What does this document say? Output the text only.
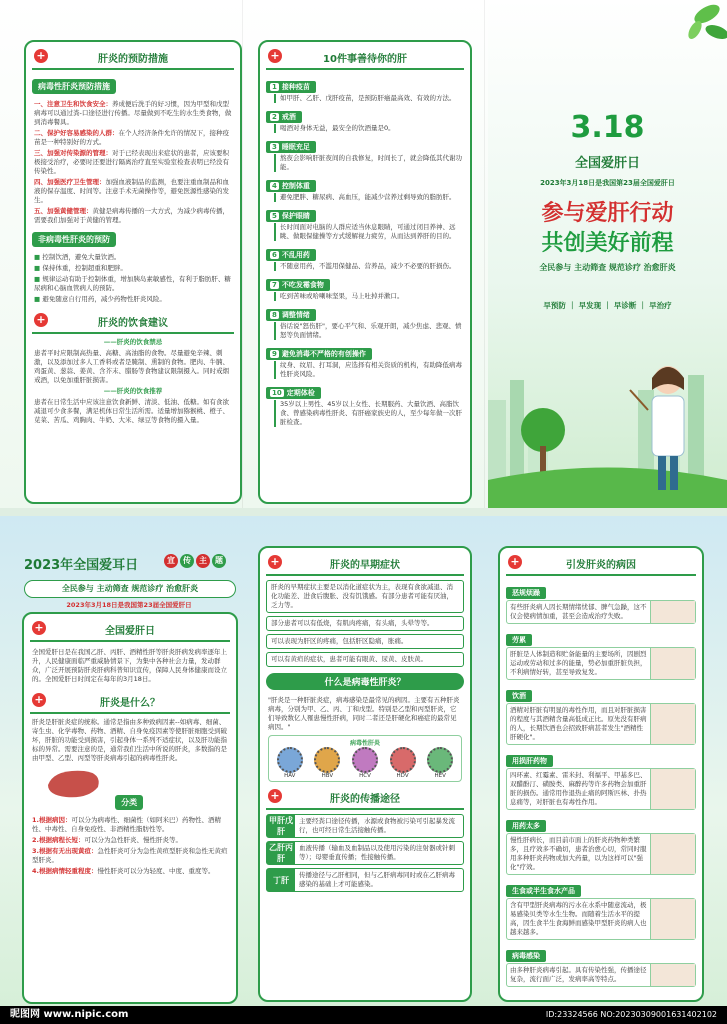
+	肝炎的预防措施
病毒性肝炎预防措施
一、注意卫生和饮食安全：养成便后洗手的好习惯，因为甲型和戊型病毒可以通过粪-口途径进行传播。尽量做到不吃生的水生类食物，做到消毒餐具。
二、保护好容易感染的人群：在个人经济条件允许的情况下，接种疫苗是一种特别好的方式。
三、加强对传染源的管理：对于已经表现出来症状的患者，应该要积极接受治疗，必要时还要进行隔离治疗直至实验室检查表明已经没有传染性。
四、加强医疗卫生管理：加强血液制品的监测，也要注重血制品和血液的保存温度、时间等。注意手术无菌操作等，避免医源性感染的发生。
五、加强黄健管理：黄健是病毒传播的一大方式，为减少病毒传播，需要我们加强对于黄健的管理。
非病毒性肝炎的预防
■ 控制饮酒，避免大量饮酒。
■ 保持体重，控制超重和肥胖。
■ 规律运动有助于控制体重，增加胰岛素敏感性，有利于脂肪肝、糖尿病和心脑血管病人的预防。
■ 避免随意自行用药，减少药物性肝炎风险。
+	肝炎的饮食建议
——肝炎的饮食禁忌
患者平时应限制高热量、高糖、高油脂的食物。尽量避免辛辣、刺激，以及添加过多人工香料或者是腌制、熏制的食物。肥肉、牛腩、鸡蛋黄、葱蒜、姜黄、含芥末、腊肠等食物建议限制摄入。同时戒烟戒酒，以免加重肝脏损害。
——肝炎的饮食推荐
患者在日常生活中应该注意饮食新鲜、清淡、低油、低糖。如有食欲减退可少食多餐，满足机体日常生活所需。适量增加猕猴桃、橙子、苋菜、苦瓜、鸡胸肉、牛奶、大米、绿豆等食物的摄入量。
+	10件事善待你的肝
1 接种疫苗
如甲肝、乙肝、戊肝疫苗，是预防肝癌最高效、有效的方法。
2 戒酒
喝酒对身体无益，最安全的饮酒量是0。
3 睡眠充足
熬夜会影响肝脏夜间的自我修复，时间长了，就会降低其代谢功能。
4 控制体重
避免肥胖、糖尿病、高血压，能减少营养过剩导致的脂肪肝。
5 保护眼睛
长时间面对电脑的人群应适当休息眼睛，可通过闭目养神、远眺、做眼保健操等方式缓解视力疲劳，从而达到养肝的目的。
6 不乱用药
不随意用药，不滥用保健品、营养品，减少不必要的肝损伤。
7 不吃发霉食物
吃到苦味或哈喇味坚果，马上吐掉并漱口。
8 调整情绪
俗话说"怒伤肝"，要心平气和、乐观开朗，减少焦虑、悲观、愤怒等负面情绪。
9 避免消毒不严格的有创操作
纹身、纹眉、打耳洞，应选择有相关资质的机构，有助降低病毒性肝炎风险。
10 定期体检
35岁以上男性、45岁以上女性、长期服药、大量饮酒、高脂饮食、曾感染病毒性肝炎、有肝癌家族史的人，至少每年做一次肝脏检查。
3.18
全国爱肝日
2023年3月18日是我国第23届全国爱肝日
参与爱肝行动
共创美好前程
全民参与 主动筛查 规范诊疗 治愈肝炎
早预防 ｜ 早发现 ｜ 早诊断 ｜ 早治疗
2023年全国爱耳日	宣	传	主	题
全民参与 主动筛查 规范诊疗 治愈肝炎
2023年3月18日是我国第23届全国爱肝日
+	全国爱肝日
全国爱肝日是在我国乙肝、丙肝、酒精性肝等肝炎肝病发病率逐年上升，人民健康面临严重威胁情景下，为集中各种社会力量，发动群众，广泛开展预防肝炎肝病科普知识宣传，保障人民身体健康而设立的。全国爱肝日时间定在每年的3月18日。
+	肝炎是什么？
肝炎是肝脏炎症的统称。通常是指由多种致病因素--如病毒、细菌、寄生虫、化学毒物、药物、酒精、自身免疫因素等使肝脏细胞受到破坏，肝脏的功能受到损害，引起身体一系列不适症状，以及肝功能指标的异常。需要注意的是，通常我们生活中所说的肝炎，多数指的是由甲型、乙型、丙型等肝炎病毒引起的病毒性肝炎。
分类
1.根据病因：可以分为病毒性、细菌性（如阿米巴）药物性、酒精性、中毒性、自身免疫性、非酒精性脂肪性等。
2.根据病程长短：可以分为急性肝炎、慢性肝炎等。
3.根据有无出现黄疸：急性肝炎可分为急性黄疸型肝炎和急性无黄疸型肝炎。
4.根据病情轻重程度：慢性肝炎可以分为轻度、中度、重度等。
+	肝炎的早期症状
肝炎的早期症状主要是以消化道症状为主，表现有食欲减退、消化功能差、进食后腹胀、没有饥饿感。有部分患者可能有厌油，乏力等。
部分患者可以有低烧，有肌肉疼痛，有头痛，头晕等等。
可以表现为肝区的疼痛，包括肝区隐痛，胀痛。
可以有黄疸的症状，患者可能有眼黄、尿黄、皮肤黄。
什么是病毒性肝炎？
"肝炎是一种肝脏炎症，病毒感染是最常见的病因。主要有五种肝炎病毒，分别为甲、乙、丙、丁和戊型。特别是乙型和丙型肝炎，它们导致数亿人罹患慢性肝病，同时二者还是肝硬化和癌症的最常见病因。"
病毒性肝炎
HAV	HBV	HCV	HDV	HEV
+	肝炎的传播途径
甲肝戊肝
主要经粪口途径传播，水源或食物被污染可引起暴发流行，也可经日常生活接触传播。
乙肝丙肝
血液传播（输血及血制品以及使用污染的注射器或针刺等）；母婴垂直传播；性接触传播。
丁肝
传播途径与乙肝相同，但与乙肝病毒同时或在乙肝病毒感染的基础上才可能感染。
+	引发肝炎的病因
恶规烦躁
有些肝炎病人因长期情绪忧郁、脾气急躁，这不仅会使病情加重，甚至会造成治疗失败。
劳累
肝脏是人体制造和贮备能量的主要场所，因剧烈运动或劳动和过多的能量，势必加重肝脏负担，不利病情好转，甚至导致复发。
饮酒
酒精对肝脏有明显的毒性作用，而且对肝脏损害的程度与其酒精含量高低成正比。原先没有肝病的人，长期饮酒也会招致肝病甚者发生"酒精性肝硬化"。
用损肝药物
四环素、红霉素、雷米封、利福平、甲基多巴、双醋酚汀、磺胺类、麻醉药等许多药物会加重肝脏的损伤。通常用作退热止痛的阿斯匹林、扑热息痛等，对肝脏也有毒性作用。
用药太多
慢性肝病长，而目前市面上的肝炎药物种类繁多，且疗效多不确切，患者治愈心切，常同时服用多种肝炎药物或加大药量，以为这样可以"强化"疗效。
生食或半生食水产品
含有甲型肝炎病毒的污水在水系中随意流动，极易感染贝类等水生生物。而随着生活水平的提高，因生食半生食海鲜而感染甲型肝炎的病人也越来越多。
病毒感染
由多种肝炎病毒引起。具有传染性强，传播途径复杂，流行面广泛，发病率高等特点。
昵图网 www.nipic.com	ID:23324566 NO:20230309001631402102
